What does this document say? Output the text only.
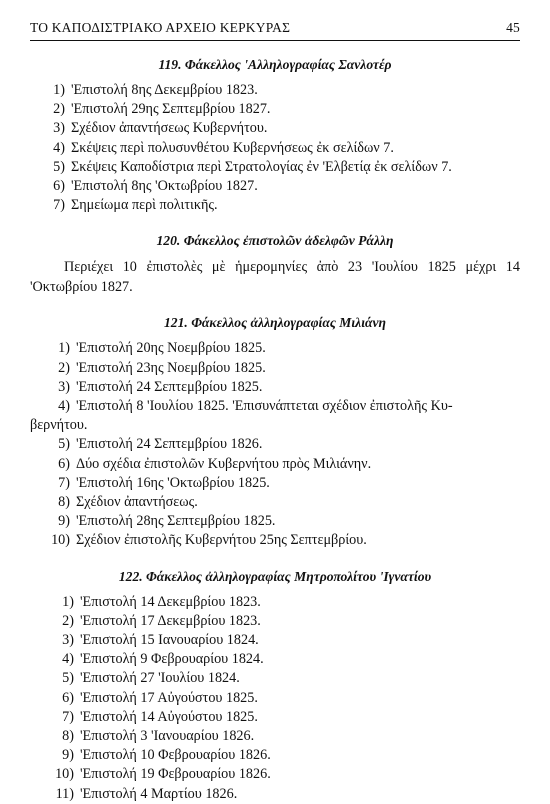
ΤΟ ΚΑΠΟΔΙΣΤΡΙΑΚΟ ΑΡΧΕΙΟ ΚΕΡΚΥΡΑΣ	45
119. Φάκελλος 'Αλληλογραφίας Σανλοτέρ
1) 'Επιστολή 8ης Δεκεμβρίου 1823.
2) 'Επιστολή 29ης Σεπτεμβρίου 1827.
3) Σχέδιον ἀπαντήσεως Κυβερνήτου.
4) Σκέψεις περὶ πολυσυνθέτου Κυβερνήσεως ἐκ σελίδων 7.
5) Σκέψεις Καποδίστρια περὶ Στρατολογίας ἐν 'Ελβετίᾳ ἐκ σελίδων 7.
6) 'Επιστολή 8ης 'Οκτωβρίου 1827.
7) Σημείωμα περὶ πολιτικῆς.
120. Φάκελλος ἐπιστολῶν ἀδελφῶν Ράλλη

Περιέχει 10 ἐπιστολὲς μὲ ἡμερομηνίες ἀπὸ 23 'Ιουλίου 1825 μέχρι 14 'Οκτωβρίου 1827.

121. Φάκελλος ἀλληλογραφίας Μιλιάνη
1) 'Επιστολή 20ης Νοεμβρίου 1825.
2) 'Επιστολή 23ης Νοεμβρίου 1825.
3) 'Επιστολή 24 Σεπτεμβρίου 1825.
4) 'Επιστολή 8 'Ιουλίου 1825. 'Επισυνάπτεται σχέδιον ἐπιστολῆς Κυ-
βερνήτου.
5) 'Επιστολή 24 Σεπτεμβρίου 1826.
6) Δύο σχέδια ἐπιστολῶν Κυβερνήτου πρὸς Μιλιάνην.
7) 'Επιστολή 16ης 'Οκτωβρίου 1825.
8) Σχέδιον ἀπαντήσεως.
9) 'Επιστολή 28ης Σεπτεμβρίου 1825.
10) Σχέδιον ἐπιστολῆς Κυβερνήτου 25ης Σεπτεμβρίου.
122. Φάκελλος ἀλληλογραφίας Μητροπολίτου 'Ιγνατίου
1) 'Επιστολή 14 Δεκεμβρίου 1823.
2) 'Επιστολή 17 Δεκεμβρίου 1823.
3) 'Επιστολή 15 Ιανουαρίου 1824.
4) 'Επιστολή 9 Φεβρουαρίου 1824.
5) 'Επιστολή 27 'Ιουλίου 1824.
6) 'Επιστολή 17 Αὐγούστου 1825.
7) 'Επιστολή 14 Αὐγούστου 1825.
8) 'Επιστολή 3 'Ιανουαρίου 1826.
9) 'Επιστολή 10 Φεβρουαρίου 1826.
10) 'Επιστολή 19 Φεβρουαρίου 1826.
11) 'Επιστολή 4 Μαρτίου 1826.
